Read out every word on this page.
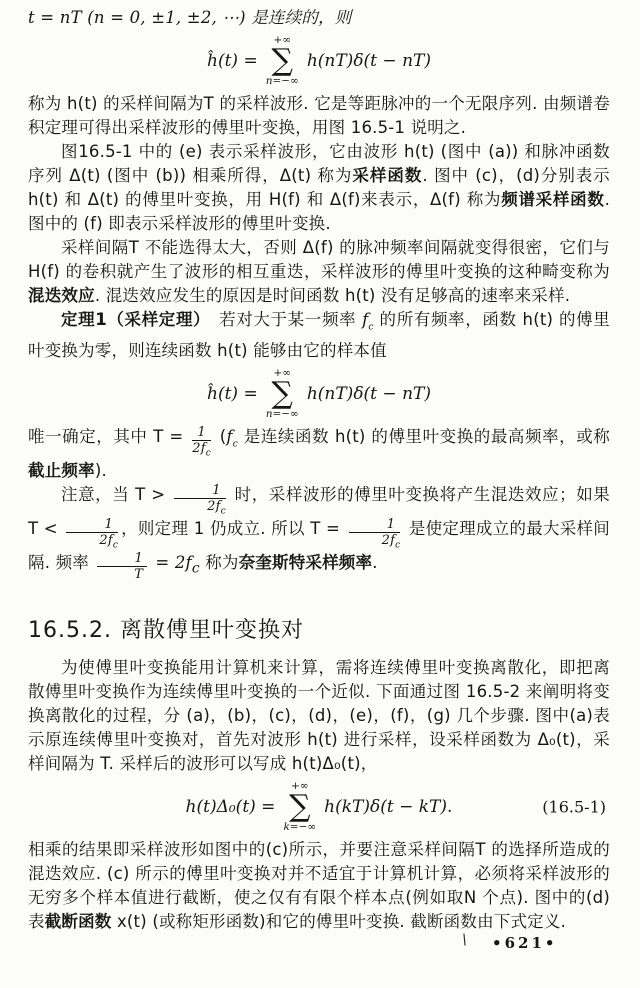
t = nT (n = 0, ±1, ±2, ⋯) 是连续的，则

ĥ(t) =
+∞
∑
n=−∞
h(nT)δ(t − nT)

称为 h(t) 的采样间隔为T 的采样波形. 它是等距脉冲的一个无限序列. 由频谱卷积定理可得出采样波形的傅里叶变换，用图 16.5-1 说明之.

图16.5-1 中的 (e) 表示采样波形，它由波形 h(t) (图中 (a)) 和脉冲函数序列 Δ(t) (图中 (b)) 相乘所得，Δ(t) 称为采样函数. 图中 (c)，(d)分别表示 h(t) 和 Δ(t) 的傅里叶变换，用 H(f) 和 Δ(f)来表示，Δ(f) 称为频谱采样函数. 图中的 (f) 即表示采样波形的傅里叶变换.

采样间隔T 不能选得太大，否则 Δ(f) 的脉冲频率间隔就变得很密，它们与 H(f) 的卷积就产生了波形的相互重迭，采样波形的傅里叶变换的这种畸变称为混迭效应. 混迭效应发生的原因是时间函数 h(t) 没有足够高的速率来采样.

定理1（采样定理）　若对大于某一频率 $f_c$ 的所有频率，函数 h(t) 的傅里叶变换为零，则连续函数 h(t) 能够由它的样本值

ĥ(t) =
+∞
∑
n=−∞
h(nT)δ(t − nT)

唯一确定，其中 $T = \frac{1}{2f_c} (f_c$ 是连续函数 h(t) 的傅里叶变换的最高频率，或称截止频率).

注意，当 $T > \frac{1}{2f_c}$ 时，采样波形的傅里叶变换将产生混迭效应；如果 $T < \frac{1}{2f_c}$ ，则定理 1 仍成立. 所以 $T = \frac{1}{2f_c}$ 是使定理成立的最大采样间隔. 频率 $\frac{1}{T} = 2f_c$ 称为奈奎斯特采样频率.

16.5.2. 离散傅里叶变换对

为使傅里叶变换能用计算机来计算，需将连续傅里叶变换离散化，即把离散傅里叶变换作为连续傅里叶变换的一个近似. 下面通过图 16.5-2 来阐明将变换离散化的过程，分 (a)，(b)，(c)，(d)，(e)，(f)，(g) 几个步骤. 图中(a)表示原连续傅里叶变换对，首先对波形 h(t) 进行采样，设采样函数为 Δ₀(t)，采样间隔为 T. 采样后的波形可以写成 h(t)Δ₀(t)，

h(t)Δ₀(t) =
+∞
∑
k=−∞
h(kT)δ(t − kT).	(16.5-1)

相乘的结果即采样波形如图中的(c)所示，并要注意采样间隔T 的选择所造成的混迭效应. (c) 所示的傅里叶变换对并不适宜于计算机计算，必须将采样波形的无穷多个样本值进行截断，使之仅有有限个样本点(例如取N 个点). 图中的(d) 表截断函数 x(t) (或称矩形函数)和它的傅里叶变换. 截断函数由下式定义.

\ •621•
